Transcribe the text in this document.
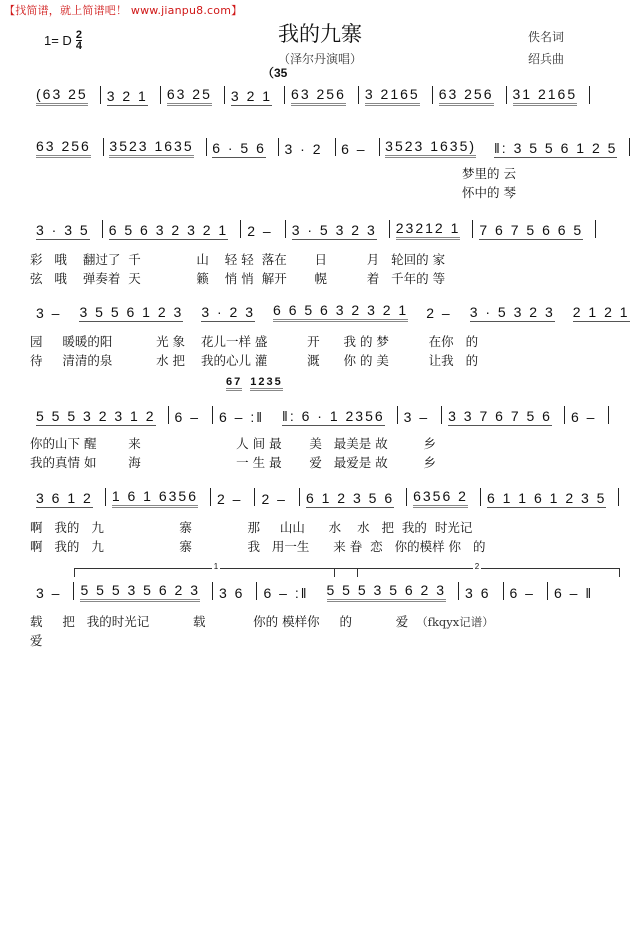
【找简谱，就上简谱吧！ www.jianpu8.com】
1= D $\frac{2}{4}$	我的九寨
（泽尔丹演唱）
佚名词
绍兵曲
（35
(63 25 3 2 1 63 25 3 2 1 63 256 3 2165 63 256 31 2165
63 256 3523 1635 6 · 5 6 3 · 2 6 – 3523 1635) ‖: 3 5 5 6 1 2 5
梦里的 云
怀中的 琴
3 · 3 5 6 5 6 3 2 3 2 1 2 – 3 · 5 3 2 3 23212 1 7 6 7 5 6 6 5
彩   哦    翻过了  千              山    轻 轻  落在       日          月   轮回的 家
弦   哦    弹奏着  天              籁    悄 悄  解开       幌          着   千年的 等
3 – 3 5 5 6 1 2 3 3 · 2 3 6 6 5 6 3 2 3 2 1 2 – 3 · 5 3 2 3 2 1 2 1
园     暖暖的阳           光 象    花儿一样 盛          开      我 的 梦          在你   的
待     清清的泉           水 把    我的心儿 灌          溉      你 的 美          让我   的
67 1235
5 5 5 3 2 3 1 2 6 – 6 – :‖ ‖: 6 · 1 2356 3 – 3 3 7 6 7 5 6 6 –
你的山下 醒        来                        人 间 最       美   最美是 故         乡
我的真情 如        海                        一 生 最       爱   最爱是 故         乡
3 6 1 2 1 6 1 6356 2 – 2 – 6 1 2 3 5 6 6356 2 6 1 1 6 1 2 3 5
啊   我的   九                   寨              那     山山      水    水   把  我的  时光记
啊   我的   九                   寨              我   用一生      来 眷  恋   你的模样 你   的
1	2
3 – 5 5 5 3 5 6 2 3 3 6 6 – :‖ 5 5 5 3 5 6 2 3 3 6 6 – 6 – ‖
载     把   我的时光记           载            你的 模样你     的           爱 （fkqyx记谱）
爱
